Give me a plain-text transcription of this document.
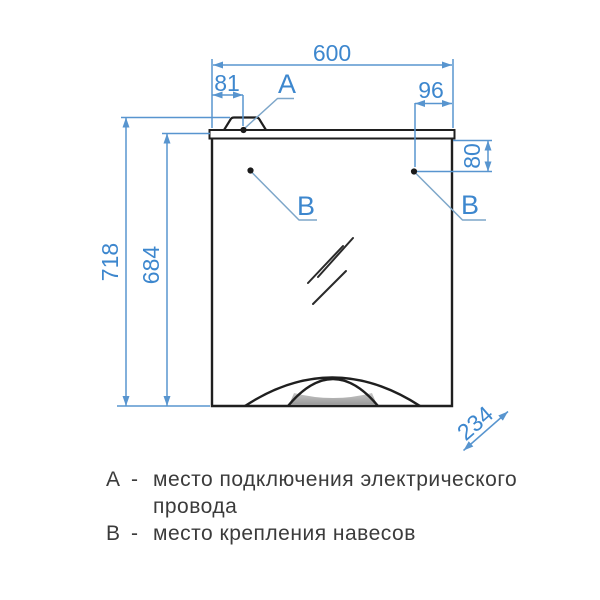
600
81	96
80
718 684
234
А
В	В
А - место подключения электрического
провода
В - место крепления навесов
